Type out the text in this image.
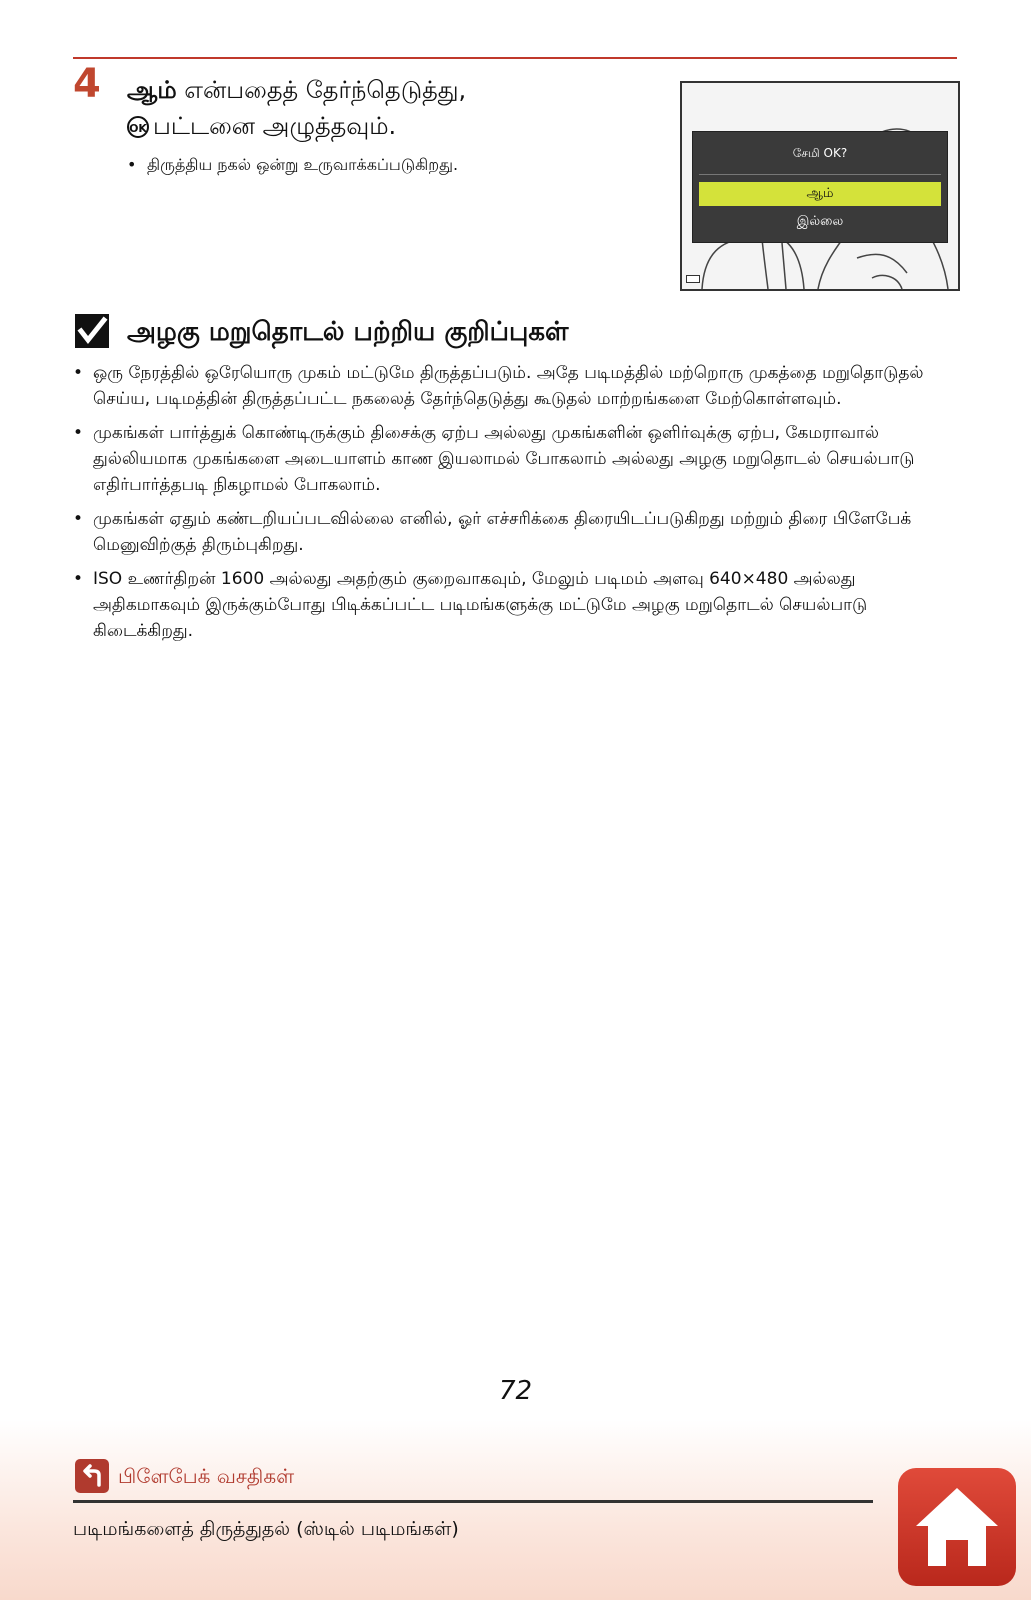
4 ஆம் என்பதைத் தேர்ந்தெடுத்து,
OK பட்டனை அழுத்தவும்.
• திருத்திய நகல் ஒன்று உருவாக்கப்படுகிறது.
சேமி OK?
ஆம்
இல்லை
அழகு மறுதொடல் பற்றிய குறிப்புகள்
• ஒரு நேரத்தில் ஒரேயொரு முகம் மட்டுமே திருத்தப்படும். அதே படிமத்தில் மற்றொரு முகத்தை மறுதொடுதல் செய்ய, படிமத்தின் திருத்தப்பட்ட நகலைத் தேர்ந்தெடுத்து கூடுதல் மாற்றங்களை மேற்கொள்ளவும்.
• முகங்கள் பார்த்துக் கொண்டிருக்கும் திசைக்கு ஏற்ப அல்லது முகங்களின் ஒளிர்வுக்கு ஏற்ப, கேமராவால் துல்லியமாக முகங்களை அடையாளம் காண இயலாமல் போகலாம் அல்லது அழகு மறுதொடல் செயல்பாடு எதிர்பார்த்தபடி நிகழாமல் போகலாம்.
• முகங்கள் ஏதும் கண்டறியப்படவில்லை எனில், ஓர் எச்சரிக்கை திரையிடப்படுகிறது மற்றும் திரை பிளேபேக் மெனுவிற்குத் திரும்புகிறது.
• ISO உணர்திறன் 1600 அல்லது அதற்கும் குறைவாகவும், மேலும் படிமம் அளவு 640×480 அல்லது அதிகமாகவும் இருக்கும்போது பிடிக்கப்பட்ட படிமங்களுக்கு மட்டுமே அழகு மறுதொடல் செயல்பாடு கிடைக்கிறது.
72
பிளேபேக் வசதிகள்
படிமங்களைத் திருத்துதல் (ஸ்டில் படிமங்கள்)
